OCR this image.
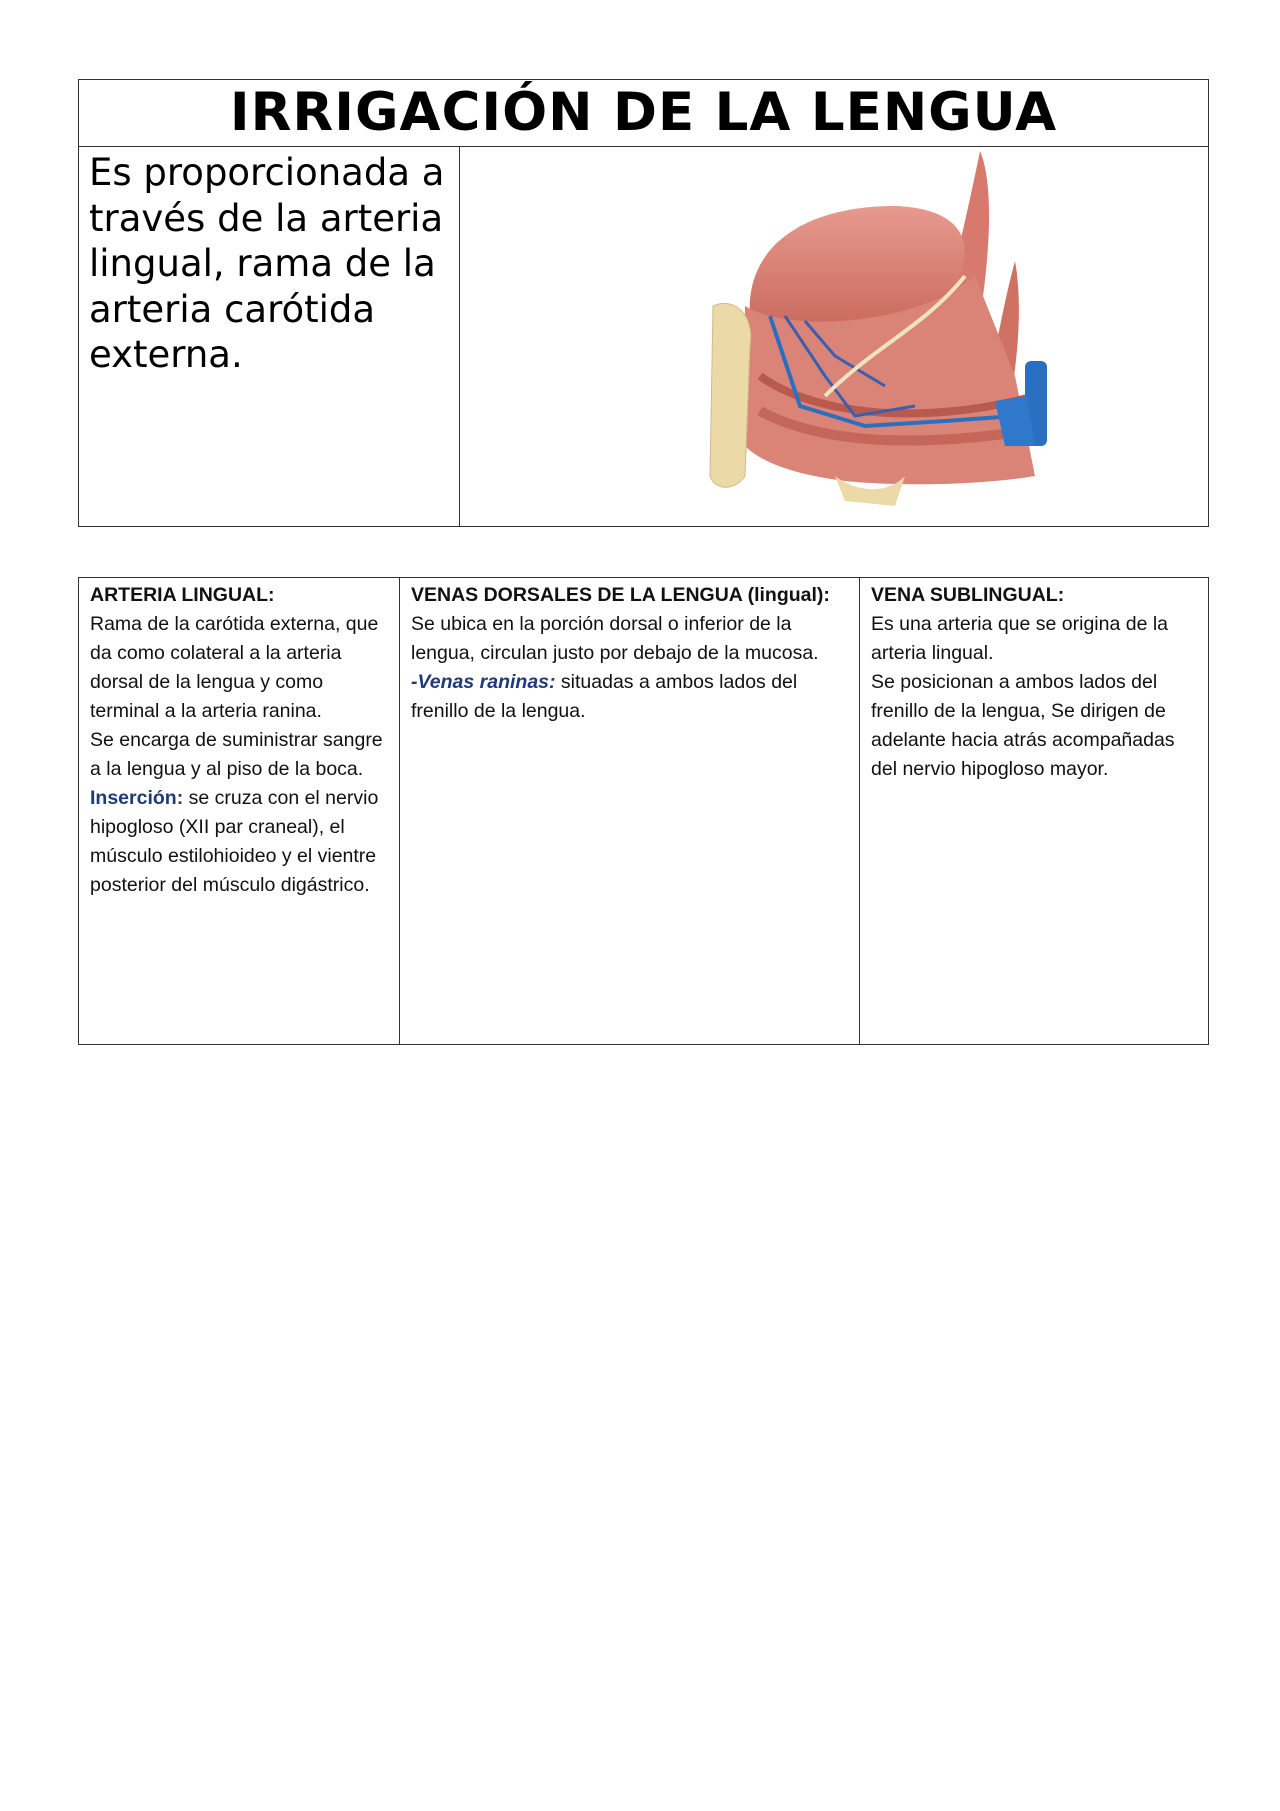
IRRIGACIÓN DE LA LENGUA
Es proporcionada a través de la arteria lingual, rama de la arteria carótida externa.
ARTERIA LINGUAL:
Rama de la carótida externa, que da como colateral a la arteria dorsal de la lengua y como terminal a la arteria ranina.
Se encarga de suministrar sangre a la lengua y al piso de la boca.
Inserción: se cruza con el nervio hipogloso (XII par craneal), el músculo estilohioideo y el vientre posterior del músculo digástrico.
VENAS DORSALES DE LA LENGUA (lingual):
Se ubica en la porción dorsal o inferior de la lengua, circulan justo por debajo de la mucosa.
-Venas raninas: situadas a ambos lados del frenillo de la lengua.
VENA SUBLINGUAL:
Es una arteria que se origina de la arteria lingual.
Se posicionan a ambos lados del frenillo de la lengua, Se dirigen de adelante hacia atrás acompañadas del nervio hipogloso mayor.
